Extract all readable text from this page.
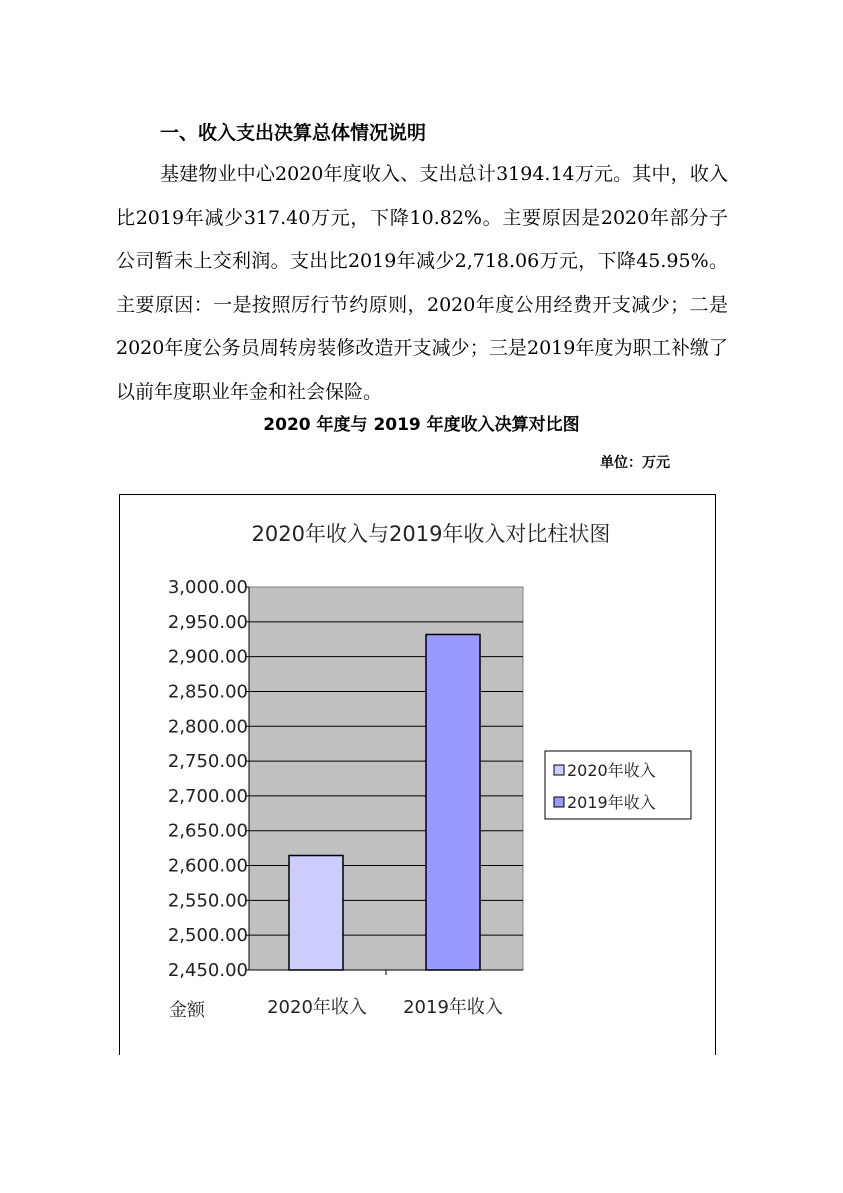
一、收入支出决算总体情况说明

基建物业中心2020年度收入、支出总计3194.14万元。其中，收入比2019年减少317.40万元，下降10.82%。主要原因是2020年部分子公司暂未上交利润。支出比2019年减少2,718.06万元，下降45.95%。主要原因：一是按照厉行节约原则，2020年度公用经费开支减少；二是2020年度公务员周转房装修改造开支减少；三是2019年度为职工补缴了以前年度职业年金和社会保险。

2020 年度与 2019 年度收入决算对比图
单位：万元
2020年收入与2019年收入对比柱状图
2,450.00
2,500.00
2,550.00
2,600.00
2,650.00
2,700.00
2,750.00
2,800.00
2,850.00
2,900.00
2,950.00
3,000.00
2020年收入 2019年收入
金额
2020年收入
2019年收入
